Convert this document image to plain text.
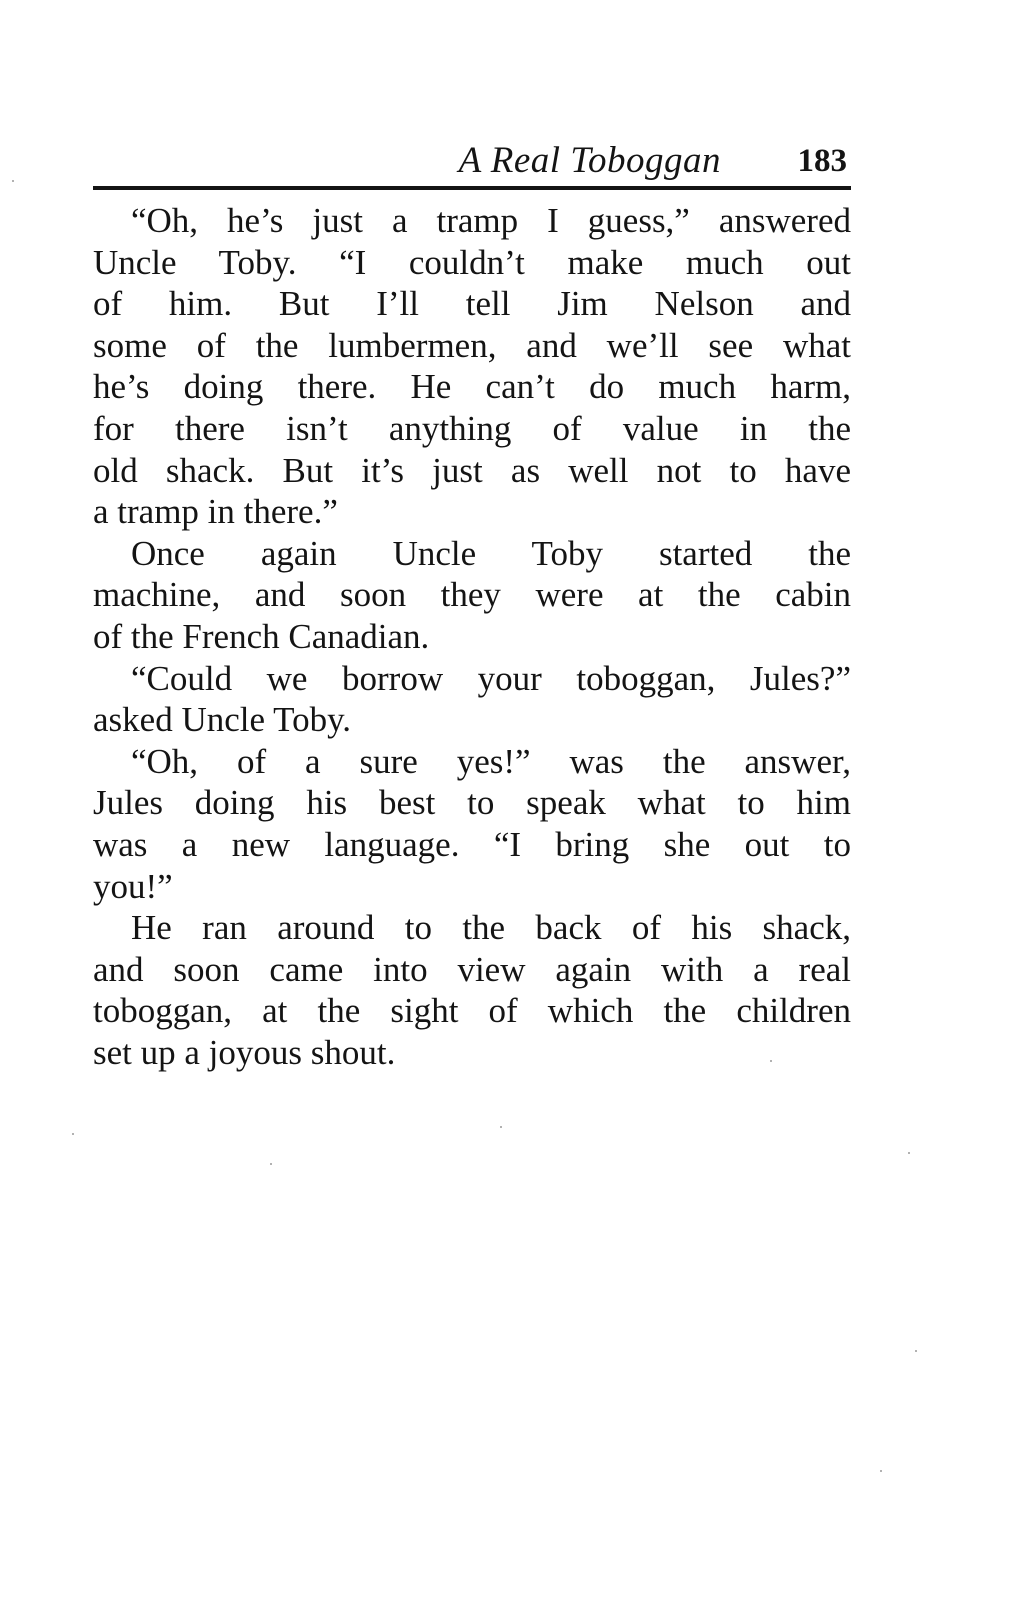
A Real Toboggan 183
“Oh, he’s just a tramp I guess,” answered
Uncle Toby. “I couldn’t make much out
of him. But I’ll tell Jim Nelson and
some of the lumbermen, and we’ll see what
he’s doing there. He can’t do much harm,
for there isn’t anything of value in the
old shack. But it’s just as well not to have
a tramp in there.”
Once again Uncle Toby started the
machine, and soon they were at the cabin
of the French Canadian.
“Could we borrow your toboggan, Jules?”
asked Uncle Toby.
“Oh, of a sure yes!” was the answer,
Jules doing his best to speak what to him
was a new language. “I bring she out to
you!”
He ran around to the back of his shack,
and soon came into view again with a real
toboggan, at the sight of which the children
set up a joyous shout.
